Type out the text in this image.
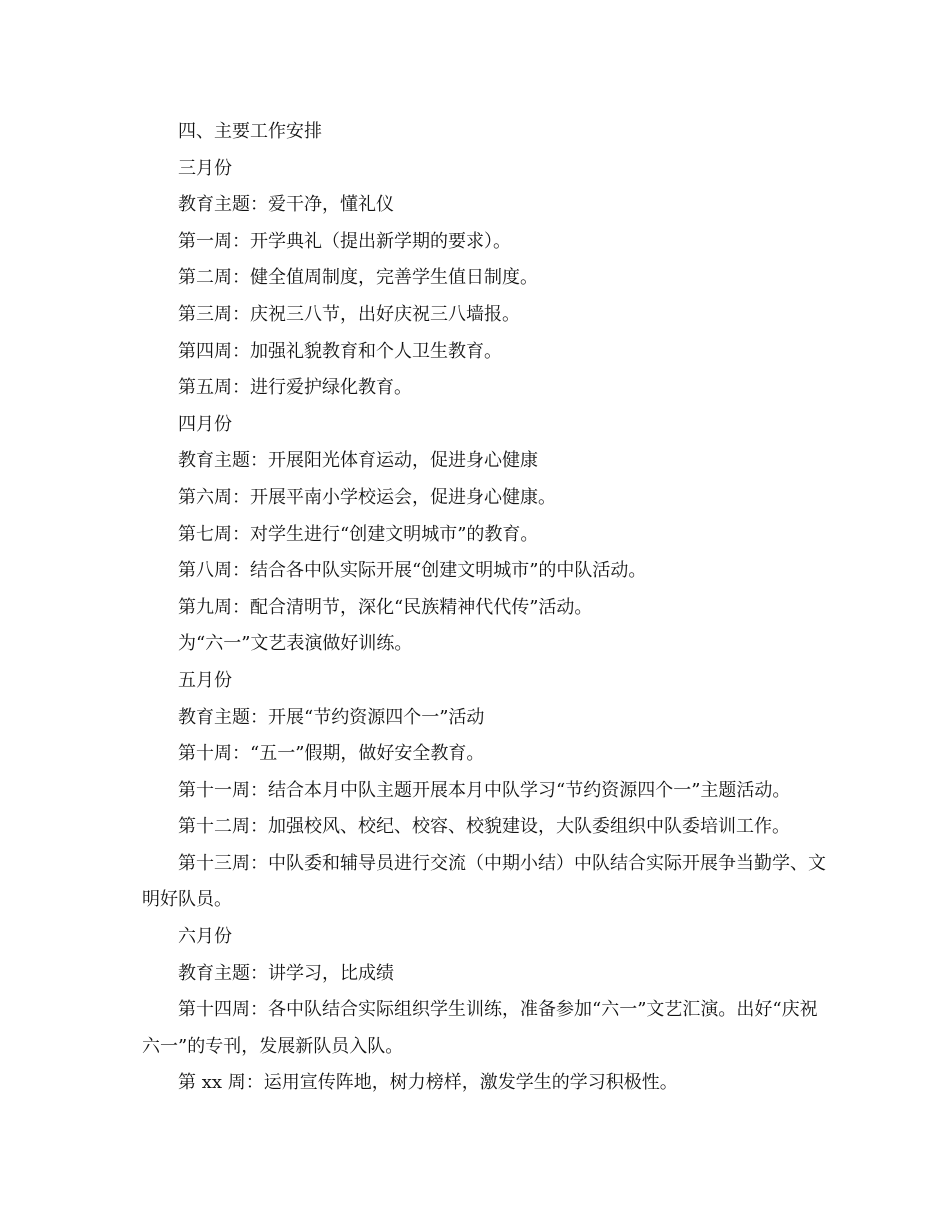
四、主要工作安排

三月份

教育主题：爱干净，懂礼仪

第一周：开学典礼（提出新学期的要求）。

第二周：健全值周制度，完善学生值日制度。

第三周：庆祝三八节，出好庆祝三八墙报。

第四周：加强礼貌教育和个人卫生教育。

第五周：进行爱护绿化教育。

四月份

教育主题：开展阳光体育运动，促进身心健康

第六周：开展平南小学校运会，促进身心健康。

第七周：对学生进行“创建文明城市”的教育。

第八周：结合各中队实际开展“创建文明城市”的中队活动。

第九周：配合清明节，深化“民族精神代代传”活动。

为“六一”文艺表演做好训练。

五月份

教育主题：开展“节约资源四个一”活动

第十周：“五一”假期，做好安全教育。

第十一周：结合本月中队主题开展本月中队学习“节约资源四个一”主题活动。

第十二周：加强校风、校纪、校容、校貌建设，大队委组织中队委培训工作。

第十三周：中队委和辅导员进行交流（中期小结）中队结合实际开展争当勤学、文明好队员。

六月份

教育主题：讲学习，比成绩

第十四周：各中队结合实际组织学生训练，准备参加“六一”文艺汇演。出好“庆祝六一”的专刊，发展新队员入队。

第 xx 周：运用宣传阵地，树力榜样，激发学生的学习积极性。
